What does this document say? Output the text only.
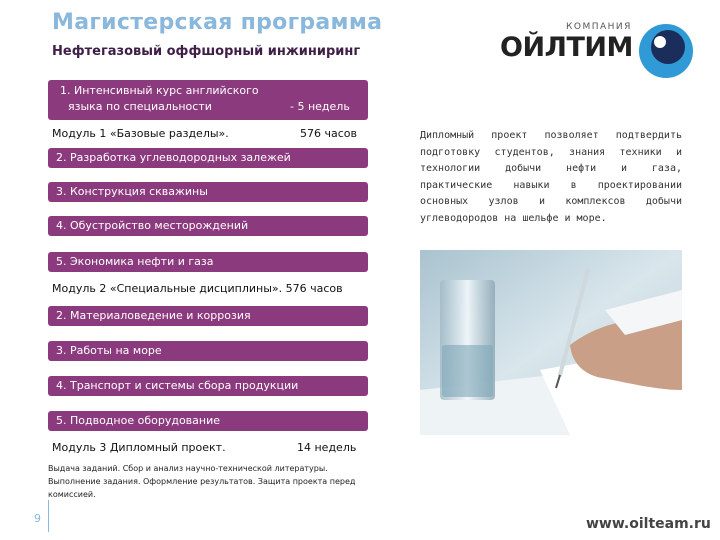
Магистерская программа
Нефтегазовый оффшорный инжиниринг
КОМПАНИЯ
ОЙЛТИМ
1. Интенсивный курс английского
языка по специальности	- 5 недель
Модуль 1 «Базовые разделы».	576 часов
2. Разработка углеводородных залежей
3. Конструкция скважины
4. Обустройство месторождений
5. Экономика нефти и газа
Модуль 2 «Специальные дисциплины». 576 часов
2. Материаловедение и коррозия
3. Работы на море
4. Транспорт и системы сбора продукции
5. Подводное оборудование
Модуль 3 Дипломный проект.	14 недель

Выдача заданий. Сбор и анализ научно-технической литературы. Выполнение задания. Оформление результатов. Защита проекта перед комиссией.

Дипломный проект позволяет подтвердить подготовку студентов, знания техники и технологии добычи нефти и газа, практические навыки в проектировании основных узлов и комплексов добычи углеводородов на шельфе и море.

9	www.oilteam.ru
